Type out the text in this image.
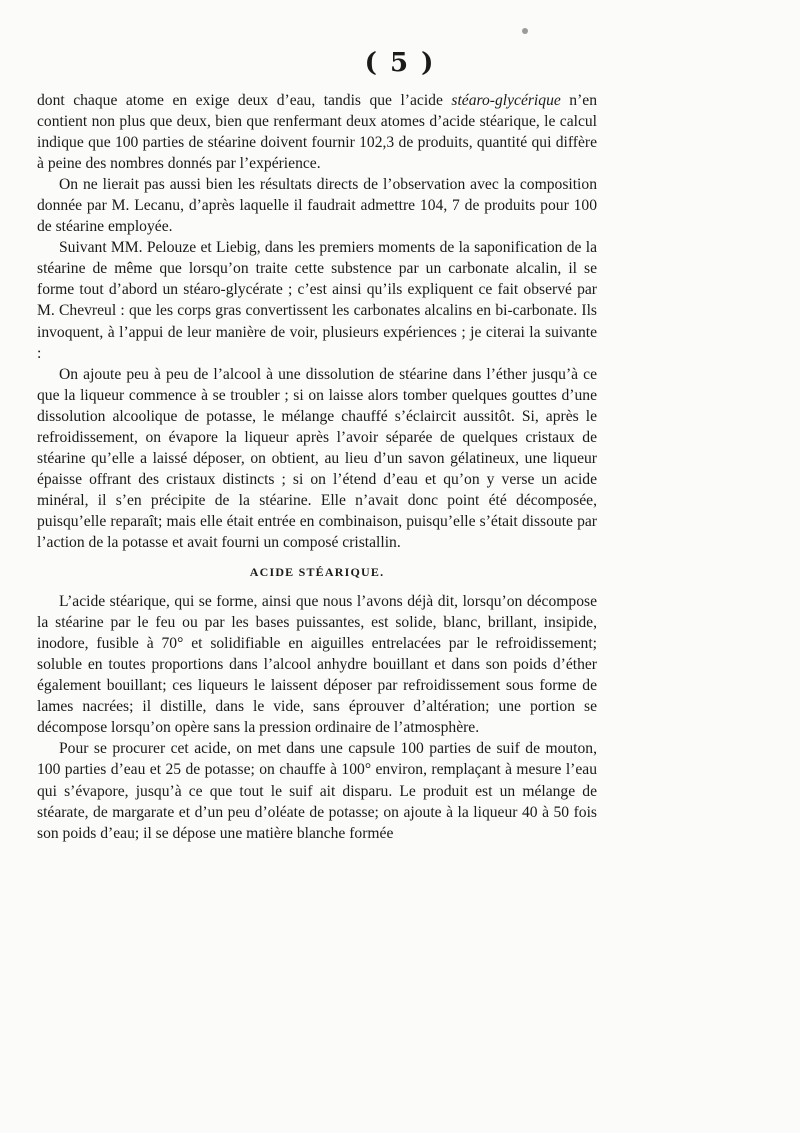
( 5 )

dont chaque atome en exige deux d’eau, tandis que l’acide stéaro-glycérique n’en contient non plus que deux, bien que renfermant deux atomes d’acide stéarique, le calcul indique que 100 parties de stéarine doivent fournir 102,3 de produits, quantité qui diffère à peine des nombres donnés par l’expérience.

On ne lierait pas aussi bien les résultats directs de l’observation avec la composition donnée par M. Lecanu, d’après laquelle il faudrait admettre 104, 7 de produits pour 100 de stéarine employée.

Suivant MM. Pelouze et Liebig, dans les premiers moments de la saponification de la stéarine de même que lorsqu’on traite cette substence par un carbonate alcalin, il se forme tout d’abord un stéaro-glycérate ; c’est ainsi qu’ils expliquent ce fait observé par M. Chevreul : que les corps gras convertissent les carbonates alcalins en bi-carbonate. Ils invoquent, à l’appui de leur manière de voir, plusieurs expériences ; je citerai la suivante :

On ajoute peu à peu de l’alcool à une dissolution de stéarine dans l’éther jusqu’à ce que la liqueur commence à se troubler ; si on laisse alors tomber quelques gouttes d’une dissolution alcoolique de potasse, le mélange chauffé s’éclaircit aussitôt. Si, après le refroidissement, on évapore la liqueur après l’avoir séparée de quelques cristaux de stéarine qu’elle a laissé déposer, on obtient, au lieu d’un savon gélatineux, une liqueur épaisse offrant des cristaux distincts ; si on l’étend d’eau et qu’on y verse un acide minéral, il s’en précipite de la stéarine. Elle n’avait donc point été décomposée, puisqu’elle reparaît; mais elle était entrée en combinaison, puisqu’elle s’était dissoute par l’action de la potasse et avait fourni un composé cristallin.

ACIDE STÉARIQUE.

L’acide stéarique, qui se forme, ainsi que nous l’avons déjà dit, lorsqu’on décompose la stéarine par le feu ou par les bases puissantes, est solide, blanc, brillant, insipide, inodore, fusible à 70° et solidifiable en aiguilles entrelacées par le refroidissement; soluble en toutes proportions dans l’alcool anhydre bouillant et dans son poids d’éther également bouillant; ces liqueurs le laissent déposer par refroidissement sous forme de lames nacrées; il distille, dans le vide, sans éprouver d’altération; une portion se décompose lorsqu’on opère sans la pression ordinaire de l’atmosphère.

Pour se procurer cet acide, on met dans une capsule 100 parties de suif de mouton, 100 parties d’eau et 25 de potasse; on chauffe à 100° environ, remplaçant à mesure l’eau qui s’évapore, jusqu’à ce que tout le suif ait disparu. Le produit est un mélange de stéarate, de margarate et d’un peu d’oléate de potasse; on ajoute à la liqueur 40 à 50 fois son poids d’eau; il se dépose une matière blanche formée
